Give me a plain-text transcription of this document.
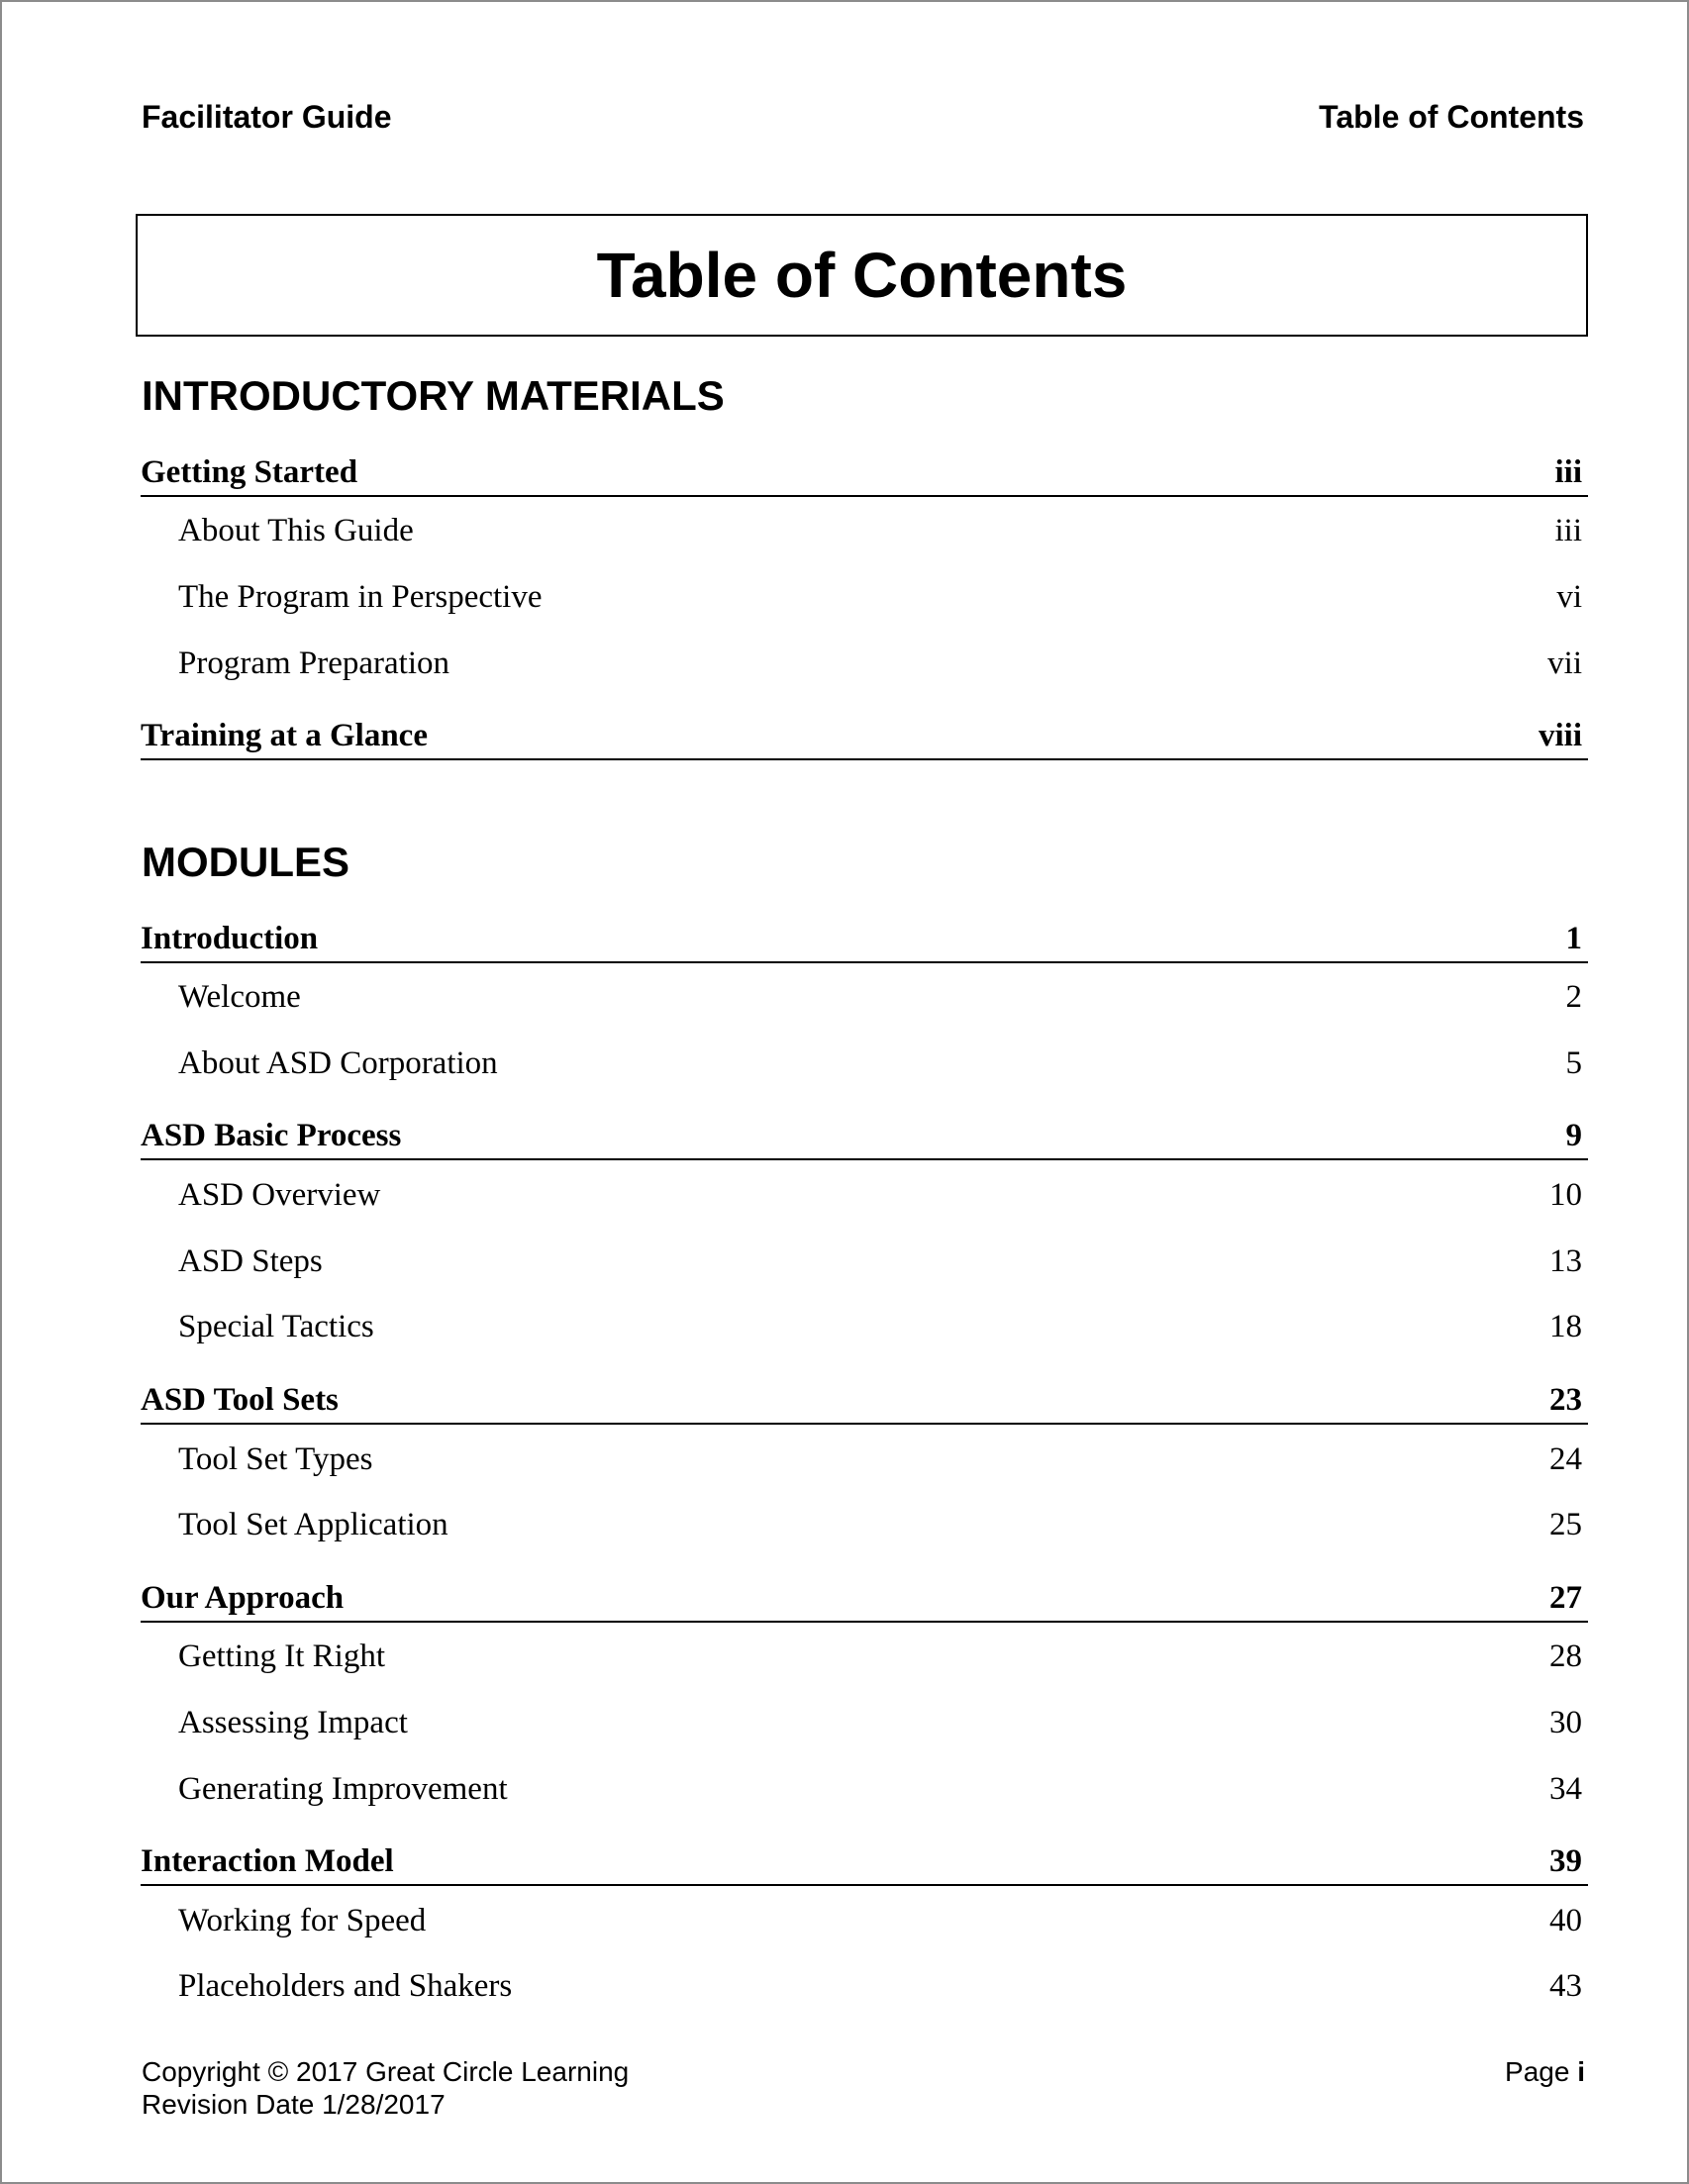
Facilitator Guide	Table of Contents
Table of Contents
INTRODUCTORY MATERIALS
Getting Started	iii
About This Guide	iii
The Program in Perspective	vi
Program Preparation	vii
Training at a Glance	viii
MODULES
Introduction	1
Welcome	2
About ASD Corporation	5
ASD Basic Process	9
ASD Overview	10
ASD Steps	13
Special Tactics	18
ASD Tool Sets	23
Tool Set Types	24
Tool Set Application	25
Our Approach	27
Getting It Right	28
Assessing Impact	30
Generating Improvement	34
Interaction Model	39
Working for Speed	40
Placeholders and Shakers	43
Copyright © 2017 Great Circle Learning
Revision Date 1/28/2017
Page i
